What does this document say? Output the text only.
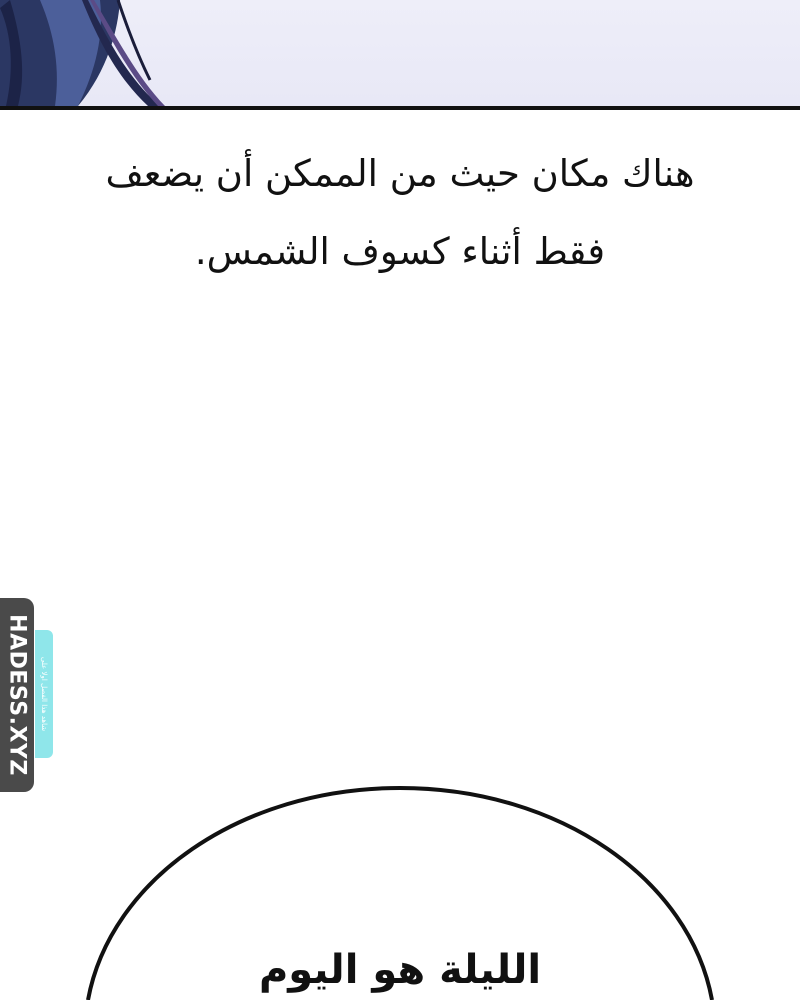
هناك مكان حيث من الممكن أن يضعف
فقط أثناء كسوف الشمس.
HADESS.XYZ شاهد هذا الفصل اولا على
الليلة هو اليوم
